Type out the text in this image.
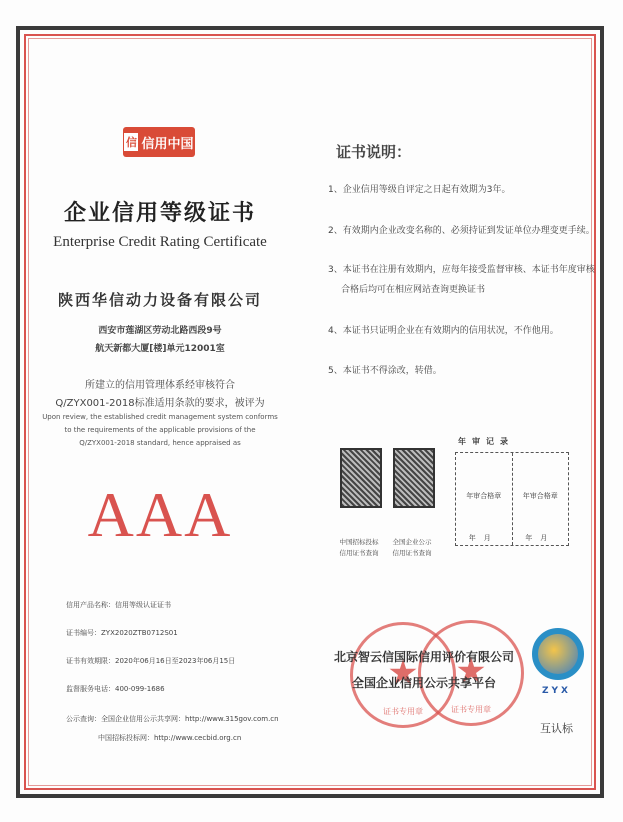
信 信用中国
企业信用等级证书
Enterprise Credit Rating Certificate
陕西华信动力设备有限公司
西安市莲湖区劳动北路西段9号
航天新都大厦[楼]单元12001室
所建立的信用管理体系经审核符合
Q/ZYX001-2018标准适用条款的要求，被评为
Upon review, the established credit management system conforms
to the requirements of the applicable provisions of the
Q/ZYX001-2018 standard, hence appraised as
AAA
信用产品名称：信用等级认证证书
证书编号：ZYX2020ZTB0712S01
证书有效期限：2020年06月16日至2023年06月15日
监督服务电话：400-099-1686
公示查询：全国企业信用公示共享网：http://www.315gov.com.cn
中国招标投标网：http://www.cecbid.org.cn
证书说明：
1、企业信用等级自评定之日起有效期为3年。
2、有效期内企业改变名称的、必须持证到发证单位办理变更手续。
3、本证书在注册有效期内，应每年接受监督审核、本证书年度审核
合格后均可在相应网站查询更换证书
4、本证书只证明企业在有效期内的信用状况，不作他用。
5、本证书不得涂改，转借。
中国招标投标
信用证书查询
全国企业公示
信用证书查询
年审记录
年审合格章
年月
年审合格章
年月
证书专用章	证书专用章
北京智云信国际信用评价有限公司
全国企业信用公示共享平台
ZYX
互认标
